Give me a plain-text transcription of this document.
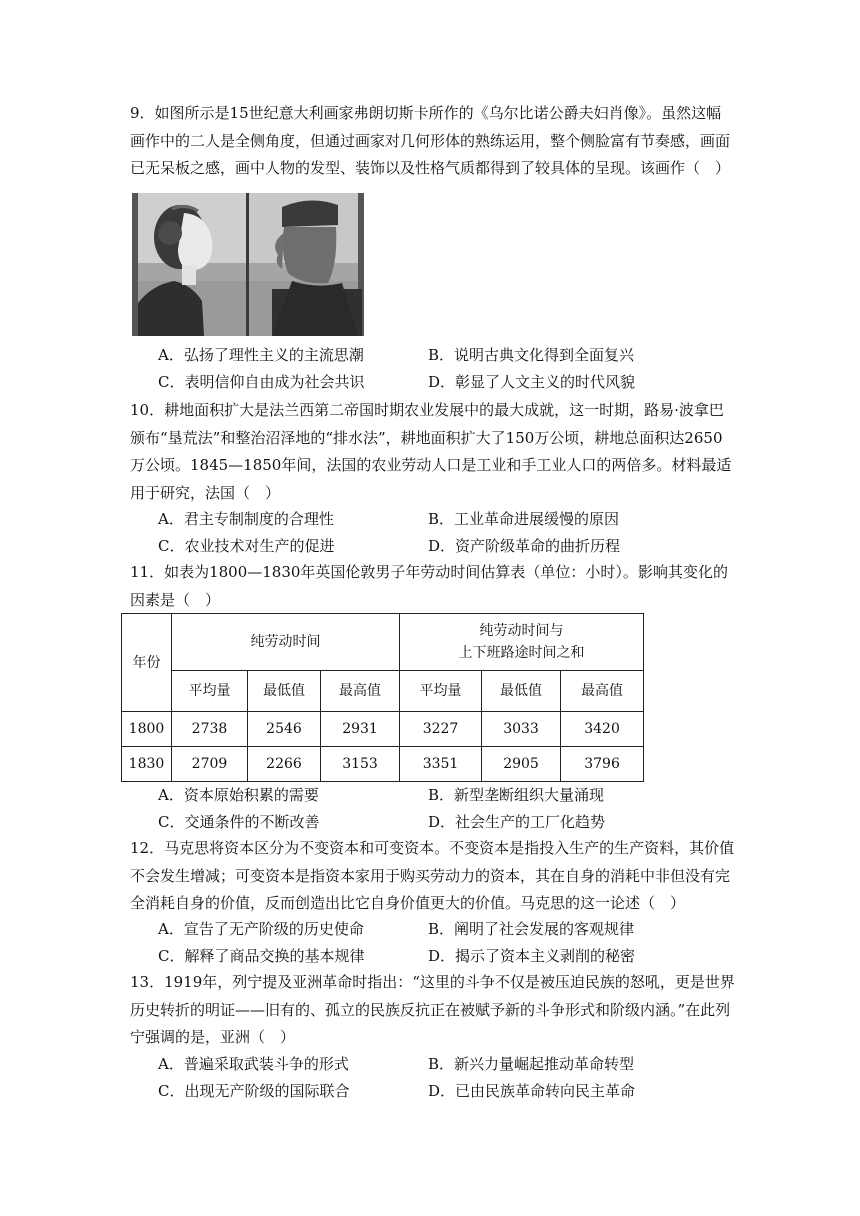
9．如图所示是15世纪意大利画家弗朗切斯卡所作的《乌尔比诺公爵夫妇肖像》。虽然这幅画作中的二人是全侧角度，但通过画家对几何形体的熟练运用，整个侧脸富有节奏感，画面已无呆板之感，画中人物的发型、装饰以及性格气质都得到了较具体的呈现。该画作（　）

A．弘扬了理性主义的主流思潮	B．说明古典文化得到全面复兴
C．表明信仰自由成为社会共识	D．彰显了人文主义的时代风貌

10．耕地面积扩大是法兰西第二帝国时期农业发展中的最大成就，这一时期，路易·波拿巴颁布“垦荒法”和整治沼泽地的“排水法”，耕地面积扩大了150万公顷，耕地总面积达2650万公顷。1845—1850年间，法国的农业劳动人口是工业和手工业人口的两倍多。材料最适用于研究，法国（　）

A．君主专制制度的合理性	B．工业革命进展缓慢的原因
C．农业技术对生产的促进	D．资产阶级革命的曲折历程

11．如表为1800—1830年英国伦敦男子年劳动时间估算表（单位：小时）。影响其变化的因素是（　）

年份	纯劳动时间			纯劳动时间与
上下班路途时间之和		
	平均量	最低值	最高值	平均量	最低值	最高值
1800	2738	2546	2931	3227	3033	3420
1830	2709	2266	3153	3351	2905	3796
A．资本原始积累的需要	B．新型垄断组织大量涌现
C．交通条件的不断改善	D．社会生产的工厂化趋势

12．马克思将资本区分为不变资本和可变资本。不变资本是指投入生产的生产资料，其价值不会发生增减；可变资本是指资本家用于购买劳动力的资本，其在自身的消耗中非但没有完全消耗自身的价值，反而创造出比它自身价值更大的价值。马克思的这一论述（　）

A．宣告了无产阶级的历史使命	B．阐明了社会发展的客观规律
C．解释了商品交换的基本规律	D．揭示了资本主义剥削的秘密

13．1919年，列宁提及亚洲革命时指出：“这里的斗争不仅是被压迫民族的怒吼，更是世界历史转折的明证——旧有的、孤立的民族反抗正在被赋予新的斗争形式和阶级内涵。”在此列宁强调的是，亚洲（　）

A．普遍采取武装斗争的形式	B．新兴力量崛起推动革命转型
C．出现无产阶级的国际联合	D．已由民族革命转向民主革命
